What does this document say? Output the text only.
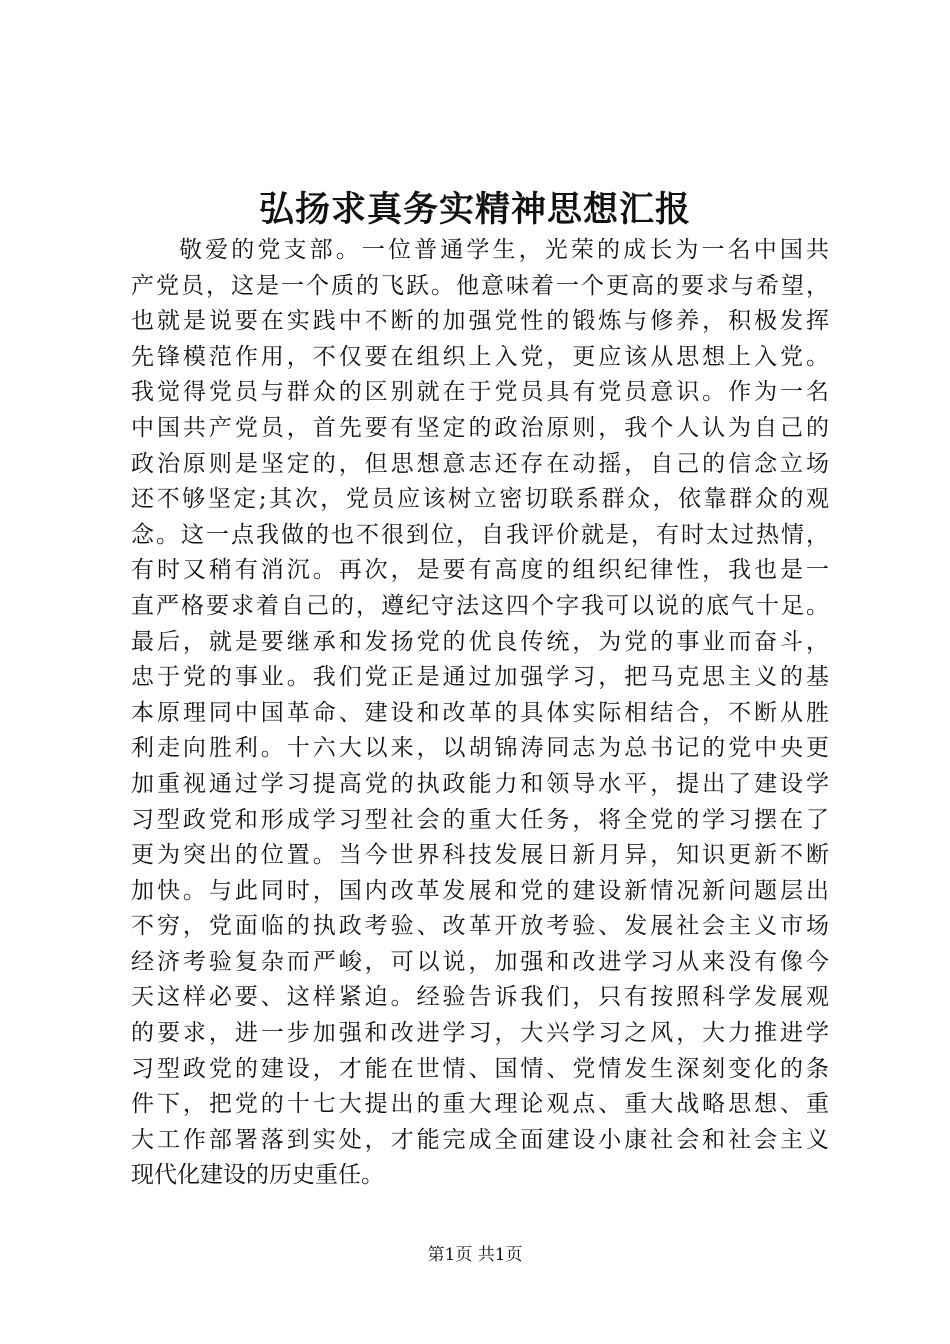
弘扬求真务实精神思想汇报
敬爱的党支部。一位普通学生，光荣的成长为一名中国共
产党员，这是一个质的飞跃。他意味着一个更高的要求与希望，
也就是说要在实践中不断的加强党性的锻炼与修养，积极发挥
先锋模范作用，不仅要在组织上入党，更应该从思想上入党。
我觉得党员与群众的区别就在于党员具有党员意识。作为一名
中国共产党员，首先要有坚定的政治原则，我个人认为自己的
政治原则是坚定的，但思想意志还存在动摇，自己的信念立场
还不够坚定;其次，党员应该树立密切联系群众，依靠群众的观
念。这一点我做的也不很到位，自我评价就是，有时太过热情，
有时又稍有消沉。再次，是要有高度的组织纪律性，我也是一
直严格要求着自己的，遵纪守法这四个字我可以说的底气十足。
最后，就是要继承和发扬党的优良传统，为党的事业而奋斗，
忠于党的事业。我们党正是通过加强学习，把马克思主义的基
本原理同中国革命、建设和改革的具体实际相结合，不断从胜
利走向胜利。十六大以来，以胡锦涛同志为总书记的党中央更
加重视通过学习提高党的执政能力和领导水平，提出了建设学
习型政党和形成学习型社会的重大任务，将全党的学习摆在了
更为突出的位置。当今世界科技发展日新月异，知识更新不断
加快。与此同时，国内改革发展和党的建设新情况新问题层出
不穷，党面临的执政考验、改革开放考验、发展社会主义市场
经济考验复杂而严峻，可以说，加强和改进学习从来没有像今
天这样必要、这样紧迫。经验告诉我们，只有按照科学发展观
的要求，进一步加强和改进学习，大兴学习之风，大力推进学
习型政党的建设，才能在世情、国情、党情发生深刻变化的条
件下，把党的十七大提出的重大理论观点、重大战略思想、重
大工作部署落到实处，才能完成全面建设小康社会和社会主义
现代化建设的历史重任。
第1页 共1页
